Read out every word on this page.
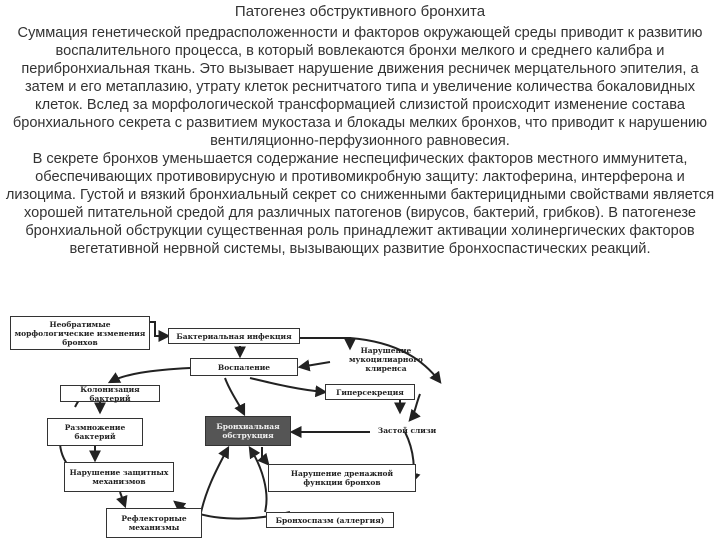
Патогенез обструктивного бронхита

Суммация генетической предрасположенности и факторов окружающей среды приводит к развитию воспалительного процесса, в который вовлекаются бронхи мелкого и среднего калибра и перибронхиальная ткань. Это вызывает нарушение движения ресничек мерцательного эпителия, а затем и его метаплазию, утрату клеток реснитчатого типа и увеличение количества бокаловидных клеток. Вслед за морфологической трансформацией слизистой происходит изменение состава бронхиального секрета с развитием мукостаза и блокады мелких бронхов, что приводит к нарушению вентиляционно-перфузионного равновесия.

В секрете бронхов уменьшается содержание неспецифических факторов местного иммунитета, обеспечивающих противовирусную и противомикробную защиту: лактоферина, интерферона и лизоцима. Густой и вязкий бронхиальный секрет со сниженными бактерицидными свойствами является хорошей питательной средой для различных патогенов (вирусов, бактерий, грибков). В патогенезе бронхиальной обструкции существенная роль принадлежит активации холинергических факторов вегетативной нервной системы, вызывающих развитие бронхоспастических реакций.

Необратимые морфологические изменения бронхов
Бактериальная инфекция
Нарушение мукоцилиарного клиренса
Воспаление
Колонизация бактерий
Гиперсекреция
Размножение бактерий
Бронхиальная обструкция
Застой слизи
Нарушение защитных механизмов
Нарушение дренажной функции бронхов
Рефлекторные механизмы
Бронхоспазм (аллергия)
